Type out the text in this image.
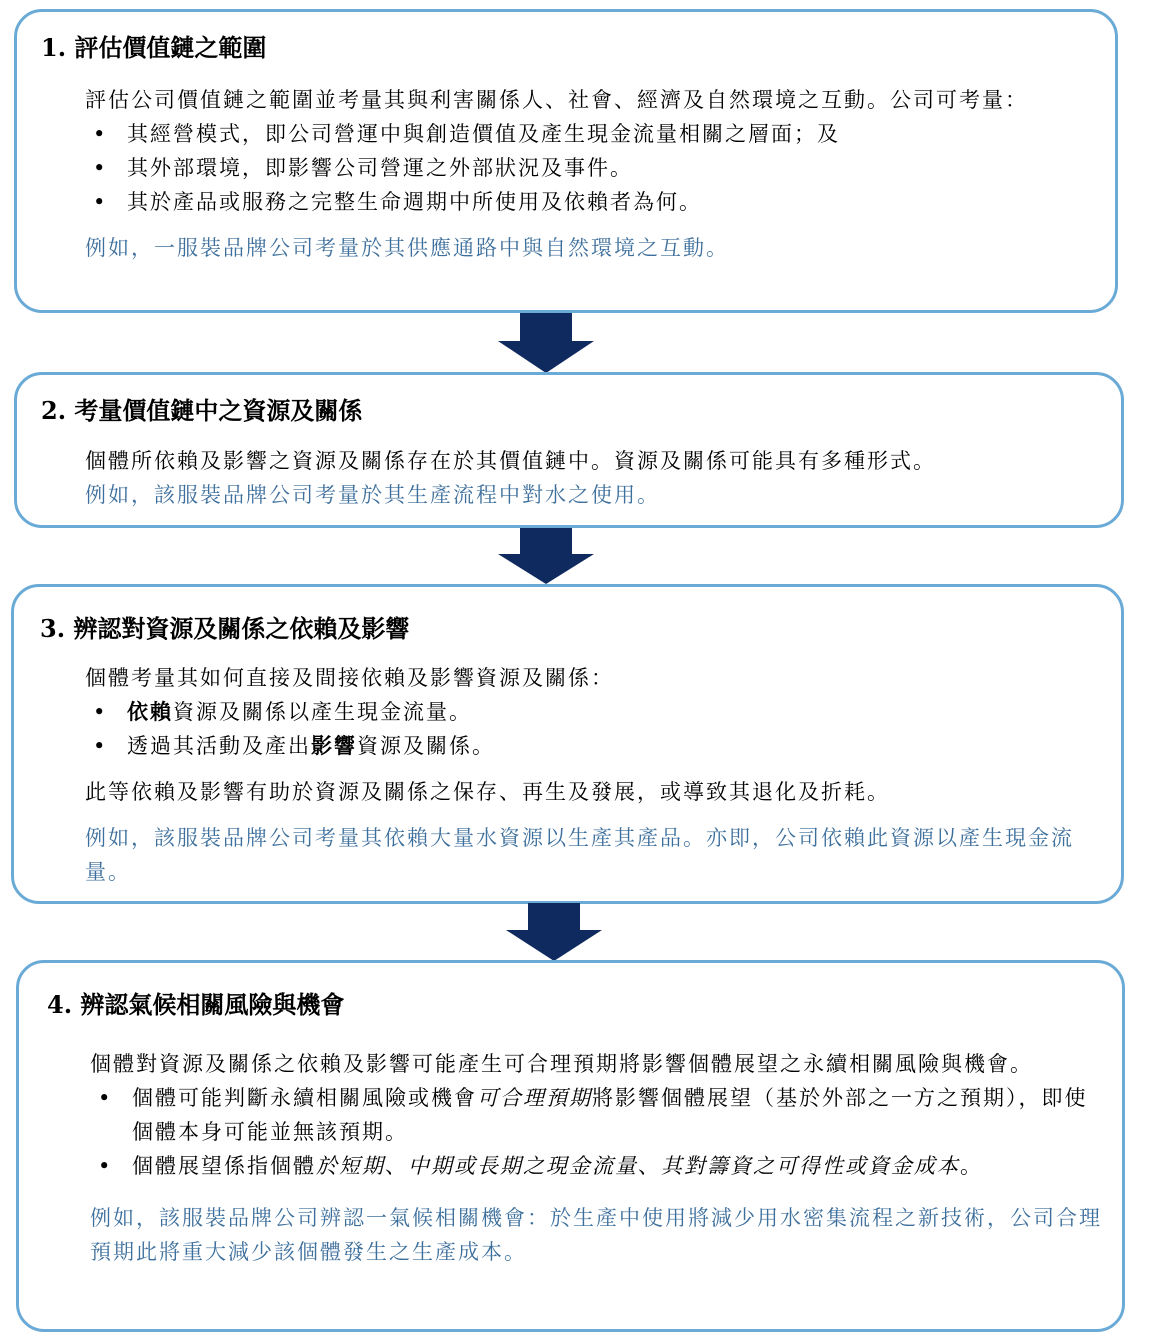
1. 評估價值鏈之範圍
評估公司價值鏈之範圍並考量其與利害關係人、社會、經濟及自然環境之互動。公司可考量：
• 其經營模式，即公司營運中與創造價值及產生現金流量相關之層面；及
• 其外部環境，即影響公司營運之外部狀況及事件。
• 其於產品或服務之完整生命週期中所使用及依賴者為何。
例如，一服裝品牌公司考量於其供應通路中與自然環境之互動。
2. 考量價值鏈中之資源及關係
個體所依賴及影響之資源及關係存在於其價值鏈中。資源及關係可能具有多種形式。
例如，該服裝品牌公司考量於其生產流程中對水之使用。
3. 辨認對資源及關係之依賴及影響
個體考量其如何直接及間接依賴及影響資源及關係：
• 依賴資源及關係以產生現金流量。
• 透過其活動及產出影響資源及關係。
此等依賴及影響有助於資源及關係之保存、再生及發展，或導致其退化及折耗。
例如，該服裝品牌公司考量其依賴大量水資源以生產其產品。亦即，公司依賴此資源以產生現金流量。
4. 辨認氣候相關風險與機會
個體對資源及關係之依賴及影響可能產生可合理預期將影響個體展望之永續相關風險與機會。
• 個體可能判斷永續相關風險或機會可合理預期將影響個體展望（基於外部之一方之預期），即使個體本身可能並無該預期。
• 個體展望係指個體於短期、中期或長期之現金流量、其對籌資之可得性或資金成本。
例如，該服裝品牌公司辨認一氣候相關機會：於生產中使用將減少用水密集流程之新技術，公司合理預期此將重大減少該個體發生之生產成本。
